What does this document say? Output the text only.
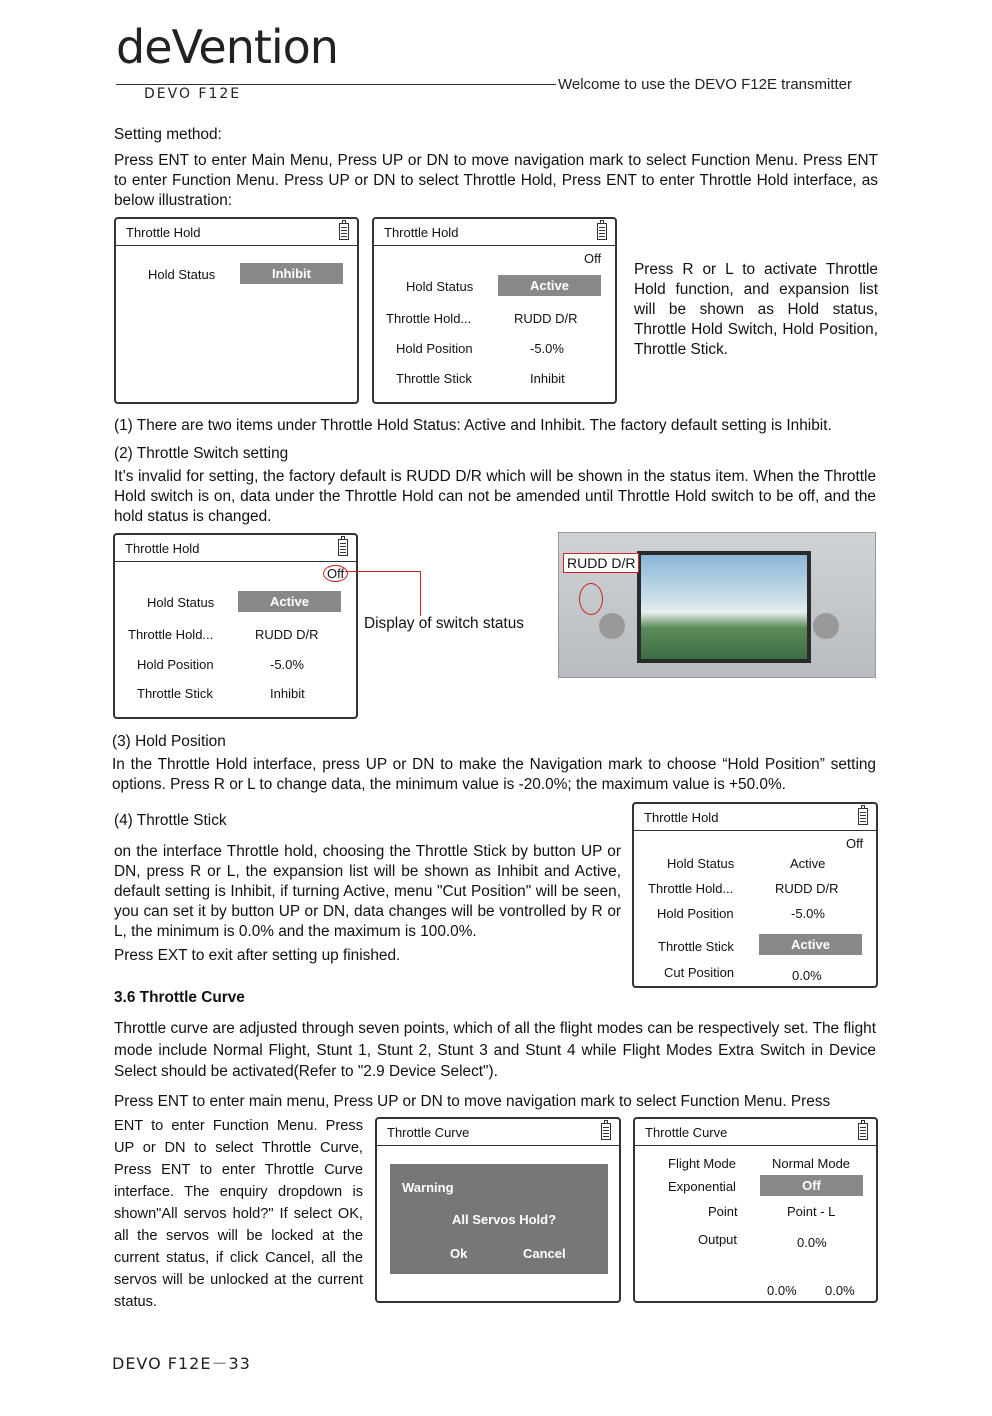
deVention
DEVO F12E
Welcome to use the DEVO F12E transmitter
Setting method:
Press ENT to enter Main Menu, Press UP or DN to move navigation mark to select Function Menu. Press ENT to enter Function Menu. Press UP or DN to select Throttle Hold, Press ENT to enter Throttle Hold interface, as below illustration:
Throttle Hold
Hold Status	Inhibit
Throttle Hold
Off
Hold Status	Active
Throttle Hold...	RUDD D/R
Hold Position	-5.0%
Throttle Stick	Inhibit
Press R or L to activate Throttle Hold function, and expansion list will be shown as Hold status, Throttle Hold Switch, Hold Position, Throttle Stick.
(1) There are two items under Throttle Hold Status: Active and Inhibit. The factory default setting is Inhibit.
(2) Throttle Switch setting
It’s invalid for setting, the factory default is RUDD D/R which will be shown in the status item. When the Throttle Hold switch is on, data under the Throttle Hold can not be amended until Throttle Hold switch to be off, and the hold status is changed.
Throttle Hold
Off
Hold Status	Active
Throttle Hold...	RUDD D/R
Hold Position	-5.0%
Throttle Stick	Inhibit
Display of switch status
RUDD D/R
(3) Hold Position
In the Throttle Hold interface, press UP or DN to make the Navigation mark to choose “Hold Position” setting options. Press R or L to change data, the minimum value is -20.0%; the maximum value is +50.0%.
(4) Throttle Stick
on the interface Throttle hold, choosing the Throttle Stick by button UP or DN, press R or L, the expansion list will be shown as Inhibit and Active, default setting is Inhibit, if turning Active, menu "Cut Position" will be seen, you can set it by button UP or DN, data changes will be vontrolled by R or L, the minimum is 0.0% and the maximum is 100.0%.
Press EXT to exit after setting up finished.
Throttle Hold
Off
Hold Status	Active
Throttle Hold...	RUDD D/R
Hold Position	-5.0%
Throttle Stick	Active
Cut Position	0.0%
3.6 Throttle Curve
Throttle curve are adjusted through seven points, which of all the flight modes can be respectively set. The flight mode include Normal Flight, Stunt 1, Stunt 2, Stunt 3 and Stunt 4 while Flight Modes Extra Switch in Device Select should be activated(Refer to "2.9 Device Select").
Press ENT to enter main menu, Press UP or DN to move navigation mark to select Function Menu. Press
ENT to enter Function Menu. Press UP or DN to select Throttle Curve, Press ENT to enter Throttle Curve interface. The enquiry dropdown is shown"All servos hold?" If select OK, all the servos will be locked at the current status, if click Cancel, all the servos will be unlocked at the current status.
Throttle Curve
Warning
All Servos Hold?
Ok	Cancel
Throttle Curve
Flight Mode	Normal Mode
Exponential	Off
Point	Point - L
Output	0.0%
0.0% 0.0%
DEVO F12E－33
